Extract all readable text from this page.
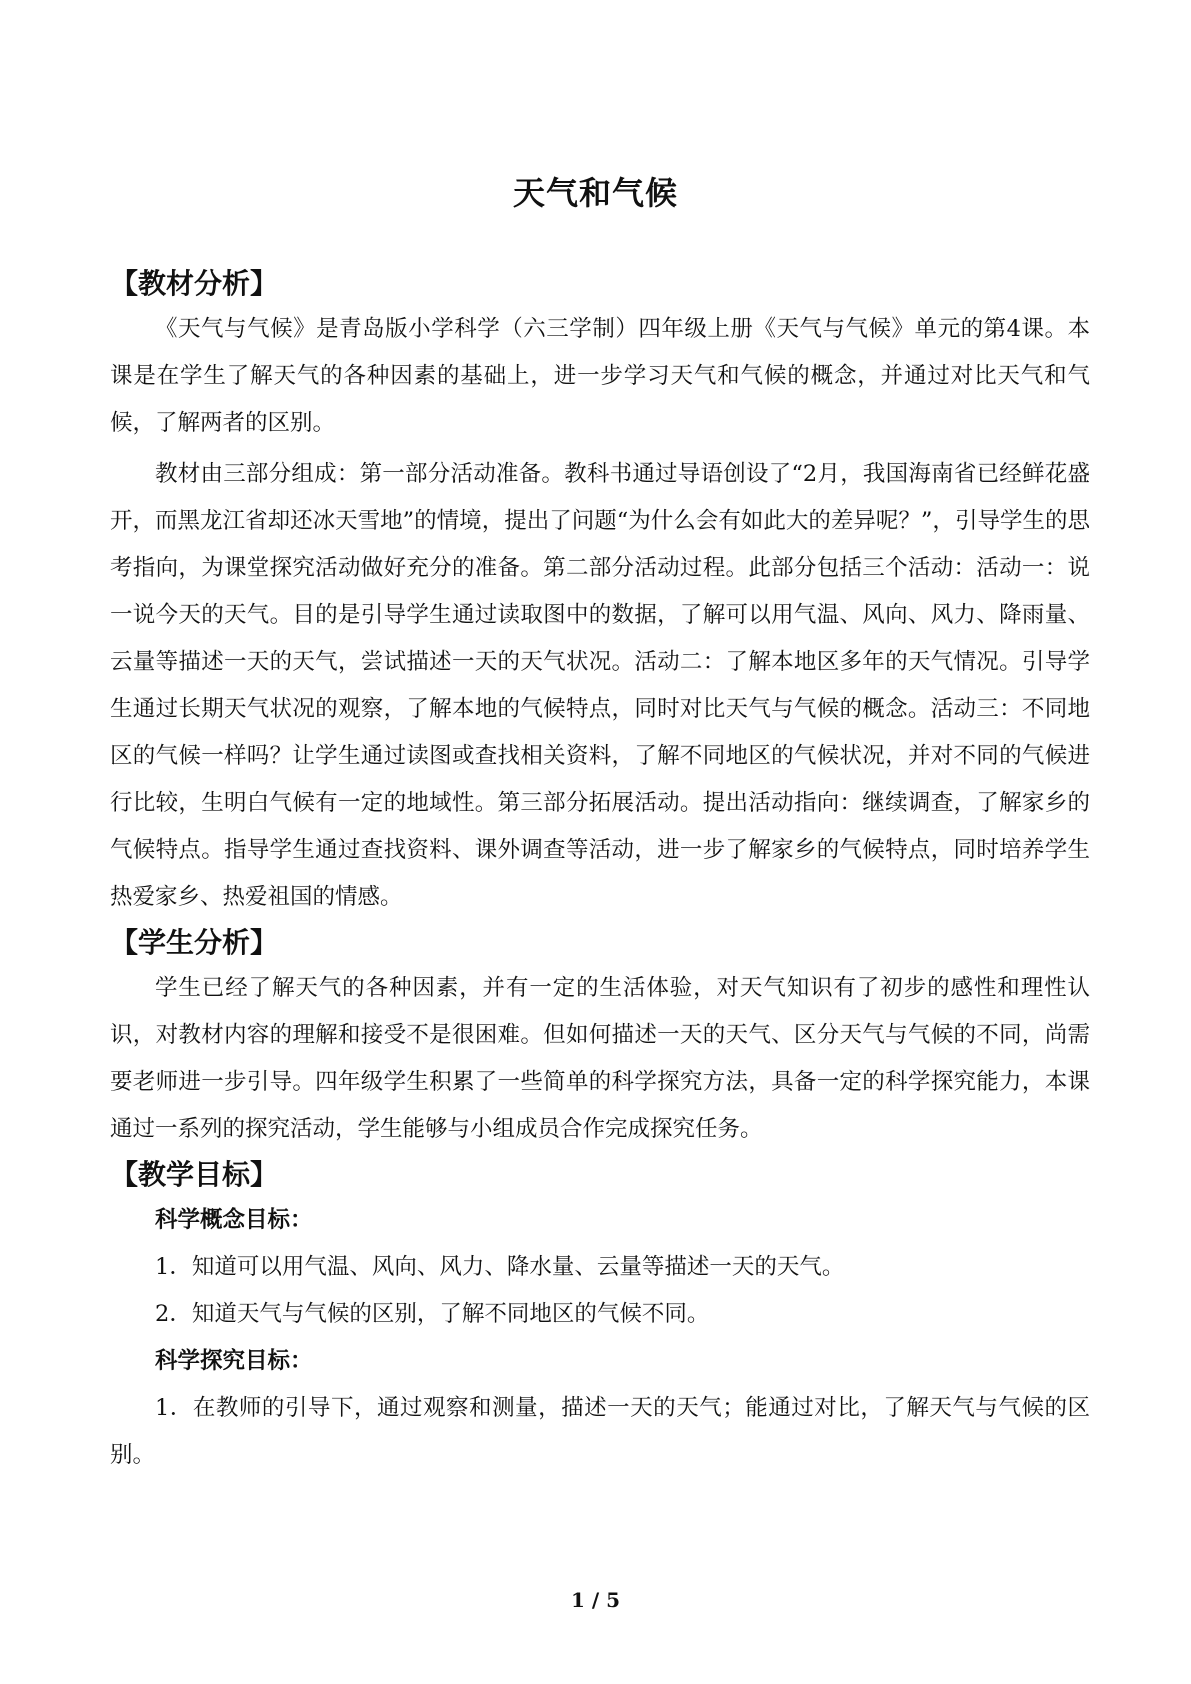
天气和气候
【教材分析】

《天气与气候》是青岛版小学科学（六三学制）四年级上册《天气与气候》单元的第4课。本课是在学生了解天气的各种因素的基础上，进一步学习天气和气候的概念，并通过对比天气和气候，了解两者的区别。

教材由三部分组成：第一部分活动准备。教科书通过导语创设了“2月，我国海南省已经鲜花盛开，而黑龙江省却还冰天雪地”的情境，提出了问题“为什么会有如此大的差异呢？”，引导学生的思考指向，为课堂探究活动做好充分的准备。第二部分活动过程。此部分包括三个活动：活动一：说一说今天的天气。目的是引导学生通过读取图中的数据，了解可以用气温、风向、风力、降雨量、云量等描述一天的天气，尝试描述一天的天气状况。活动二：了解本地区多年的天气情况。引导学生通过长期天气状况的观察，了解本地的气候特点，同时对比天气与气候的概念。活动三：不同地区的气候一样吗？让学生通过读图或查找相关资料，了解不同地区的气候状况，并对不同的气候进行比较，生明白气候有一定的地域性。第三部分拓展活动。提出活动指向：继续调查，了解家乡的气候特点。指导学生通过查找资料、课外调查等活动，进一步了解家乡的气候特点，同时培养学生热爱家乡、热爱祖国的情感。

【学生分析】

学生已经了解天气的各种因素，并有一定的生活体验，对天气知识有了初步的感性和理性认识，对教材内容的理解和接受不是很困难。但如何描述一天的天气、区分天气与气候的不同，尚需要老师进一步引导。四年级学生积累了一些简单的科学探究方法，具备一定的科学探究能力，本课通过一系列的探究活动，学生能够与小组成员合作完成探究任务。

【教学目标】

科学概念目标：

1．知道可以用气温、风向、风力、降水量、云量等描述一天的天气。

2．知道天气与气候的区别，了解不同地区的气候不同。

科学探究目标：

1．在教师的引导下，通过观察和测量，描述一天的天气；能通过对比，了解天气与气候的区别。

1 / 5
